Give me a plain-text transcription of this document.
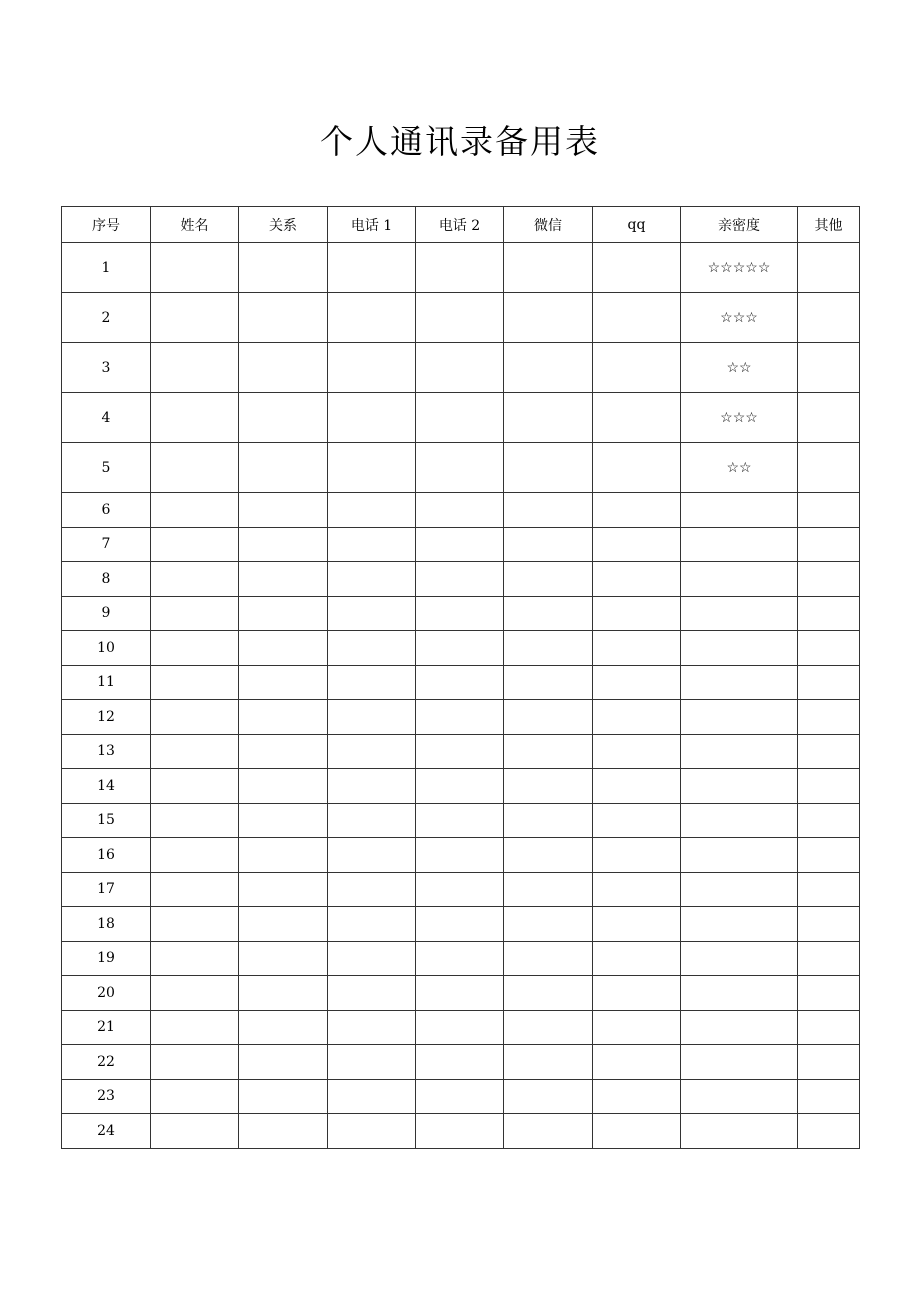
个人通讯录备用表
序号	姓名	关系	电话 1	电话 2	微信	qq	亲密度	其他
1							☆☆☆☆☆	
2							☆☆☆	
3							☆☆	
4							☆☆☆	
5							☆☆	
6								
7								
8								
9								
10								
11								
12								
13								
14								
15								
16								
17								
18								
19								
20								
21								
22								
23								
24								
